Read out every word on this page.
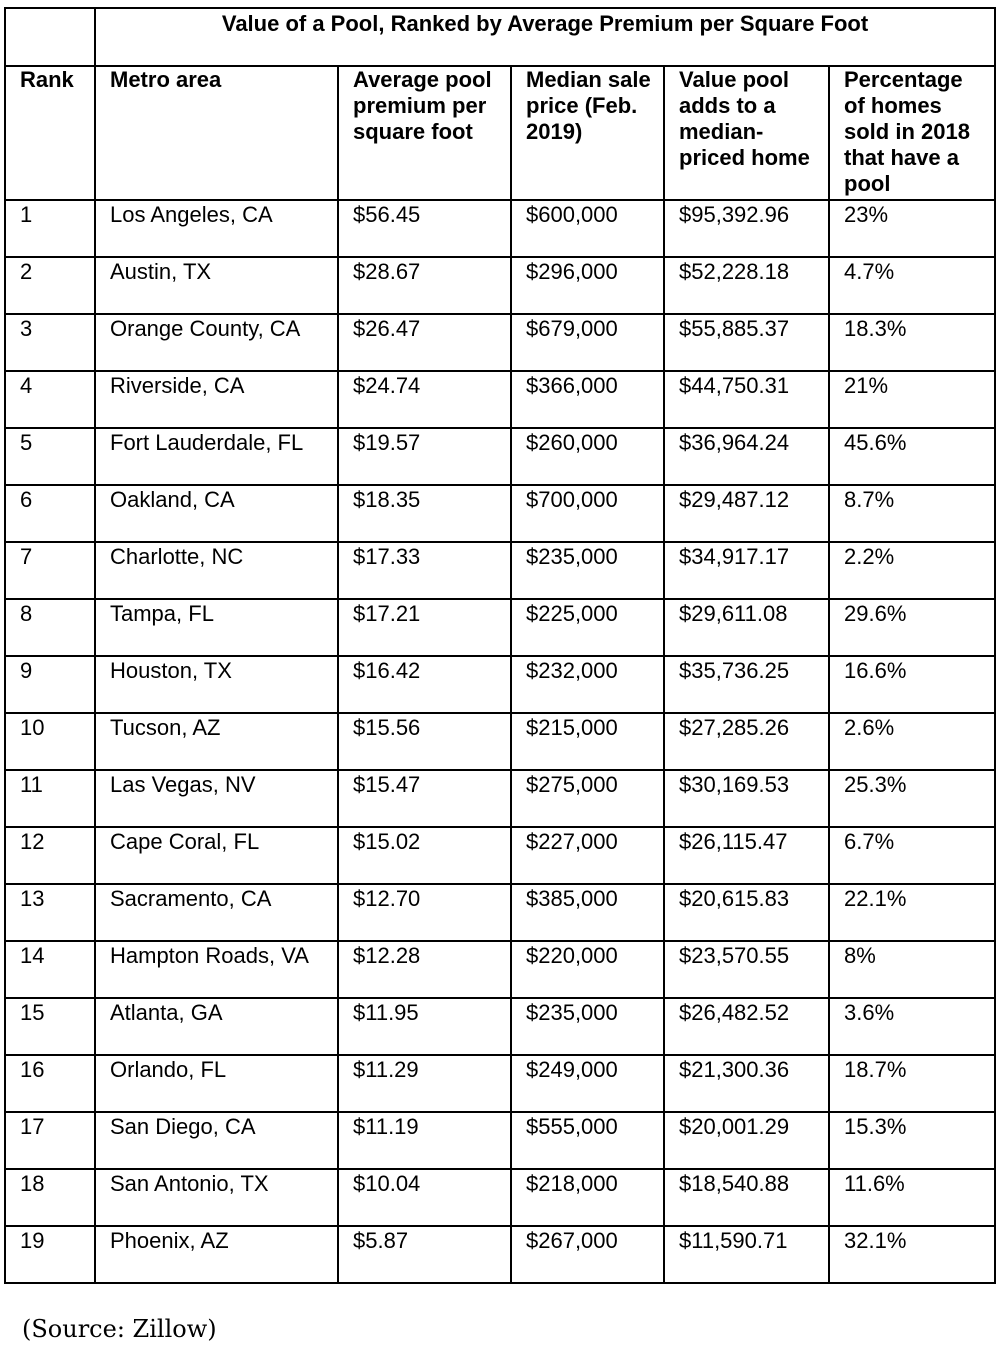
	Value of a Pool, Ranked by Average Premium per Square Foot				
Rank	Metro area	Average pool premium per square foot	Median sale price (Feb. 2019)	Value pool adds to a median-priced home	Percentage of homes sold in 2018 that have a pool
1	Los Angeles, CA	$56.45	$600,000	$95,392.96	23%
2	Austin, TX	$28.67	$296,000	$52,228.18	4.7%
3	Orange County, CA	$26.47	$679,000	$55,885.37	18.3%
4	Riverside, CA	$24.74	$366,000	$44,750.31	21%
5	Fort Lauderdale, FL	$19.57	$260,000	$36,964.24	45.6%
6	Oakland, CA	$18.35	$700,000	$29,487.12	8.7%
7	Charlotte, NC	$17.33	$235,000	$34,917.17	2.2%
8	Tampa, FL	$17.21	$225,000	$29,611.08	29.6%
9	Houston, TX	$16.42	$232,000	$35,736.25	16.6%
10	Tucson, AZ	$15.56	$215,000	$27,285.26	2.6%
11	Las Vegas, NV	$15.47	$275,000	$30,169.53	25.3%
12	Cape Coral, FL	$15.02	$227,000	$26,115.47	6.7%
13	Sacramento, CA	$12.70	$385,000	$20,615.83	22.1%
14	Hampton Roads, VA	$12.28	$220,000	$23,570.55	8%
15	Atlanta, GA	$11.95	$235,000	$26,482.52	3.6%
16	Orlando, FL	$11.29	$249,000	$21,300.36	18.7%
17	San Diego, CA	$11.19	$555,000	$20,001.29	15.3%
18	San Antonio, TX	$10.04	$218,000	$18,540.88	11.6%
19	Phoenix, AZ	$5.87	$267,000	$11,590.71	32.1%
(Source: Zillow)
